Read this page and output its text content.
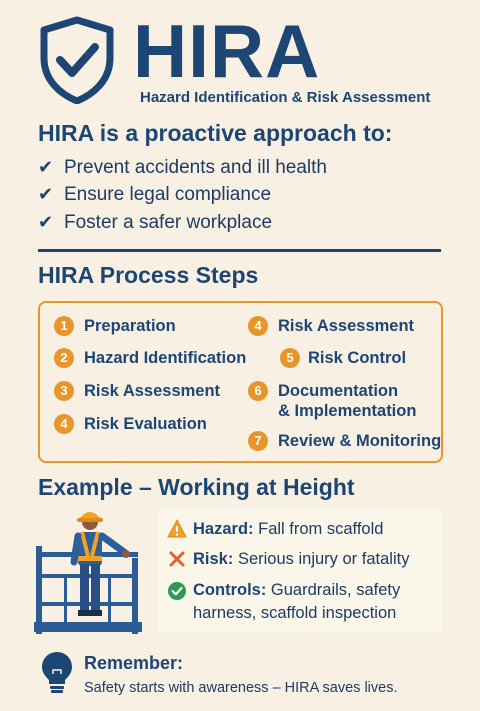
HIRA
Hazard Identification & Risk Assessment
HIRA is a proactive approach to:
✔ Prevent accidents and ill health
✔ Ensure legal compliance
✔ Foster a safer workplace
HIRA Process Steps
1 Preparation
2 Hazard Identification
3 Risk Assessment
4 Risk Evaluation
4 Risk Assessment
5 Risk Control
6 Documentation
& Implementation
7 Review & Monitoring
Example – Working at Height
Hazard: Fall from scaffold
Risk: Serious injury or fatality
Controls: Guardrails, safety
harness, scaffold inspection
Remember:
Safety starts with awareness – HIRA saves lives.
